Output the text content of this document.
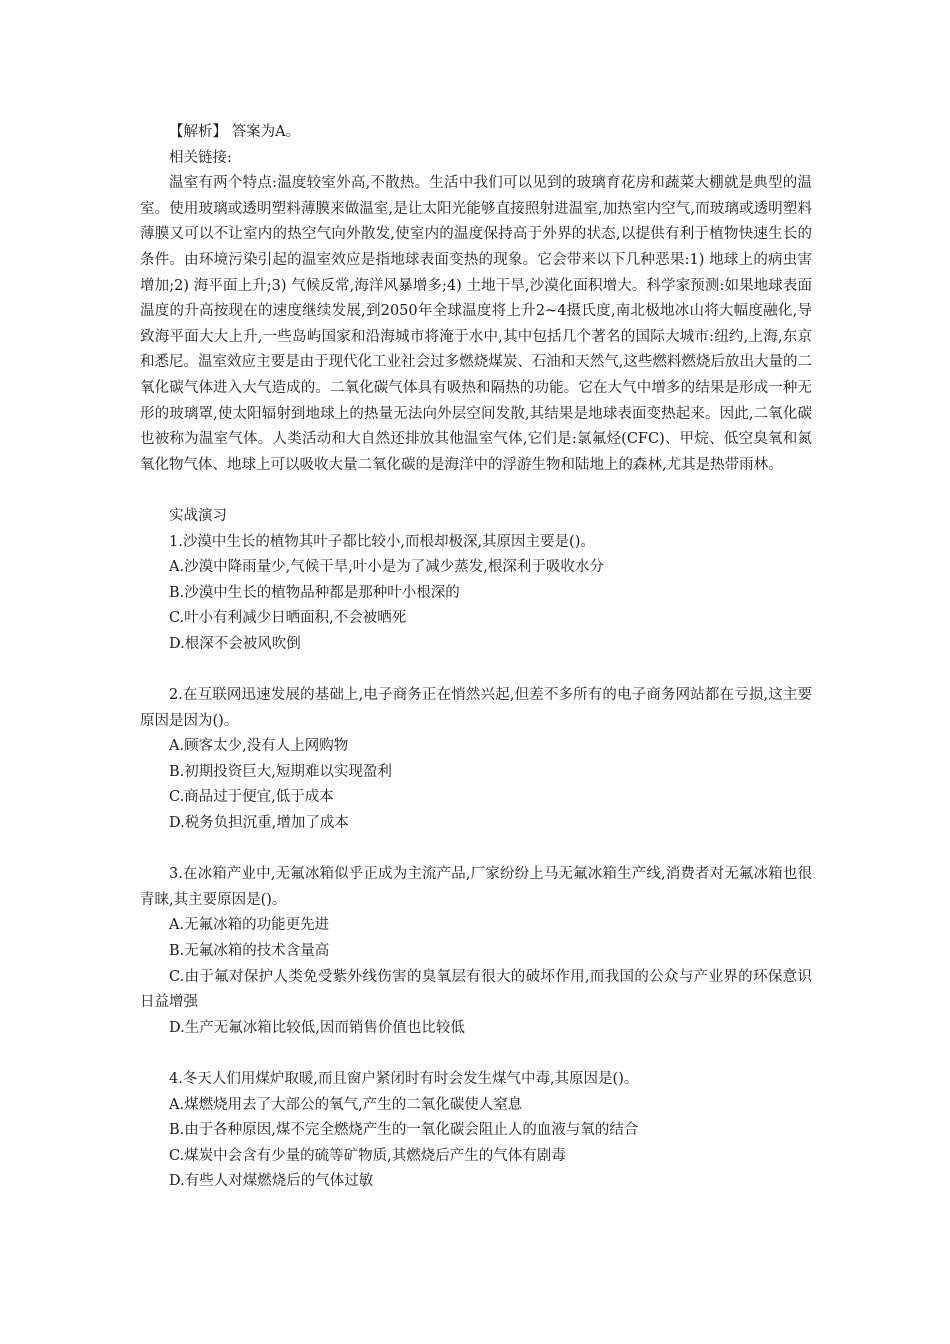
【解析】 答案为A。

相关链接:

温室有两个特点:温度较室外高,不散热。生活中我们可以见到的玻璃育花房和蔬菜大棚就是典型的温室。使用玻璃或透明塑料薄膜来做温室,是让太阳光能够直接照射进温室,加热室内空气,而玻璃或透明塑料薄膜又可以不让室内的热空气向外散发,使室内的温度保持高于外界的状态,以提供有利于植物快速生长的条件。由环境污染引起的温室效应是指地球表面变热的现象。它会带来以下几种恶果:1) 地球上的病虫害增加;2) 海平面上升;3) 气候反常,海洋风暴增多;4) 土地干旱,沙漠化面积增大。科学家预测:如果地球表面温度的升高按现在的速度继续发展,到2050年全球温度将上升2~4摄氏度,南北极地冰山将大幅度融化,导致海平面大大上升,一些岛屿国家和沿海城市将淹于水中,其中包括几个著名的国际大城市:纽约,上海,东京和悉尼。温室效应主要是由于现代化工业社会过多燃烧煤炭、石油和天然气,这些燃料燃烧后放出大量的二氧化碳气体进入大气造成的。二氧化碳气体具有吸热和隔热的功能。它在大气中增多的结果是形成一种无形的玻璃罩,使太阳辐射到地球上的热量无法向外层空间发散,其结果是地球表面变热起来。因此,二氧化碳也被称为温室气体。人类活动和大自然还排放其他温室气体,它们是:氯氟烃(CFC)、甲烷、低空臭氧和氮氧化物气体、地球上可以吸收大量二氧化碳的是海洋中的浮游生物和陆地上的森林,尤其是热带雨林。

实战演习

1.沙漠中生长的植物其叶子都比较小,而根却极深,其原因主要是()。

A.沙漠中降雨量少,气候干旱,叶小是为了减少蒸发,根深利于吸收水分

B.沙漠中生长的植物品种都是那种叶小根深的

C.叶小有利减少日晒面积,不会被晒死

D.根深不会被风吹倒

2.在互联网迅速发展的基础上,电子商务正在悄然兴起,但差不多所有的电子商务网站都在亏损,这主要原因是因为()。

A.顾客太少,没有人上网购物

B.初期投资巨大,短期难以实现盈利

C.商品过于便宜,低于成本

D.税务负担沉重,增加了成本

3.在冰箱产业中,无氟冰箱似乎正成为主流产品,厂家纷纷上马无氟冰箱生产线,消费者对无氟冰箱也很青睐,其主要原因是()。

A.无氟冰箱的功能更先进

B.无氟冰箱的技术含量高

C.由于氟对保护人类免受紫外线伤害的臭氧层有很大的破坏作用,而我国的公众与产业界的环保意识日益增强

D.生产无氟冰箱比较低,因而销售价值也比较低

4.冬天人们用煤炉取暖,而且窗户紧闭时有时会发生煤气中毒,其原因是()。

A.煤燃烧用去了大部公的氧气,产生的二氧化碳使人窒息

B.由于各种原因,煤不完全燃烧产生的一氧化碳会阻止人的血液与氧的结合

C.煤炭中会含有少量的硫等矿物质,其燃烧后产生的气体有剧毒

D.有些人对煤燃烧后的气体过敏
